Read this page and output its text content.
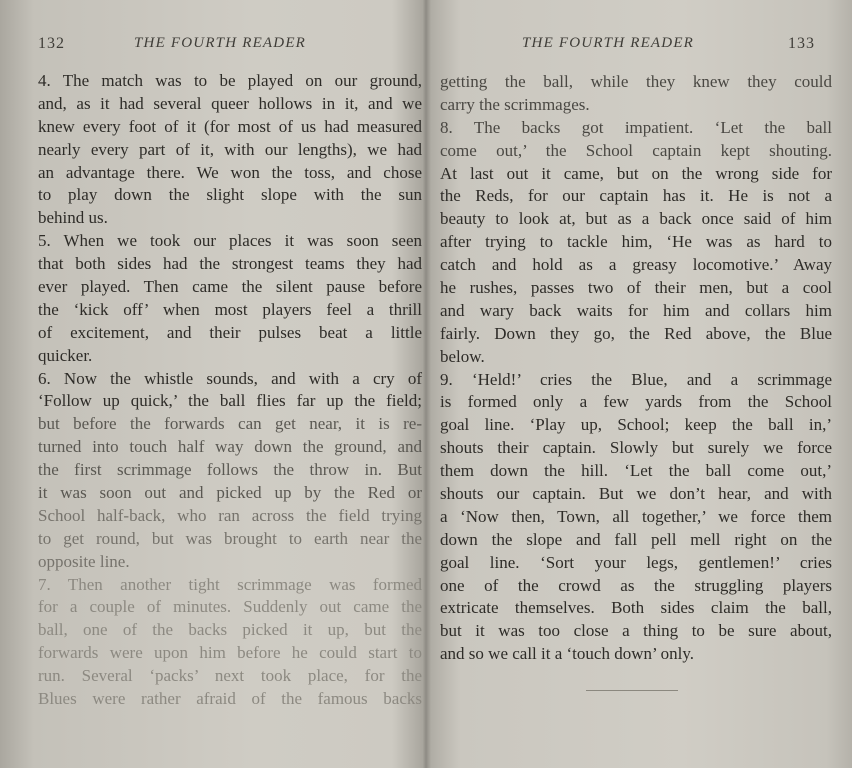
132	THE FOURTH READER
4. The match was to be played on our ground,
and, as it had several queer hollows in it, and we
knew every foot of it (for most of us had measured
nearly every part of it, with our lengths), we had
an advantage there. We won the toss, and chose
to play down the slight slope with the sun
behind us.
5. When we took our places it was soon seen
that both sides had the strongest teams they had
ever played. Then came the silent pause before
the ‘kick off’ when most players feel a thrill
of excitement, and their pulses beat a little
quicker.
6. Now the whistle sounds, and with a cry of
‘Follow up quick,’ the ball flies far up the field;
but before the forwards can get near, it is re-
turned into touch half way down the ground, and
the first scrimmage follows the throw in. But
it was soon out and picked up by the Red or
School half-back, who ran across the field trying
to get round, but was brought to earth near the
opposite line.
7. Then another tight scrimmage was formed
for a couple of minutes. Suddenly out came the
ball, one of the backs picked it up, but the
forwards were upon him before he could start to
run. Several ‘packs’ next took place, for the
Blues were rather afraid of the famous backs
THE FOURTH READER	133
getting the ball, while they knew they could
carry the scrimmages.
8. The backs got impatient. ‘Let the ball
come out,’ the School captain kept shouting.
At last out it came, but on the wrong side for
the Reds, for our captain has it. He is not a
beauty to look at, but as a back once said of him
after trying to tackle him, ‘He was as hard to
catch and hold as a greasy locomotive.’ Away
he rushes, passes two of their men, but a cool
and wary back waits for him and collars him
fairly. Down they go, the Red above, the Blue
below.
9. ‘Held!’ cries the Blue, and a scrimmage
is formed only a few yards from the School
goal line. ‘Play up, School; keep the ball in,’
shouts their captain. Slowly but surely we force
them down the hill. ‘Let the ball come out,’
shouts our captain. But we don’t hear, and with
a ‘Now then, Town, all together,’ we force them
down the slope and fall pell mell right on the
goal line. ‘Sort your legs, gentlemen!’ cries
one of the crowd as the struggling players
extricate themselves. Both sides claim the ball,
but it was too close a thing to be sure about,
and so we call it a ‘touch down’ only.
